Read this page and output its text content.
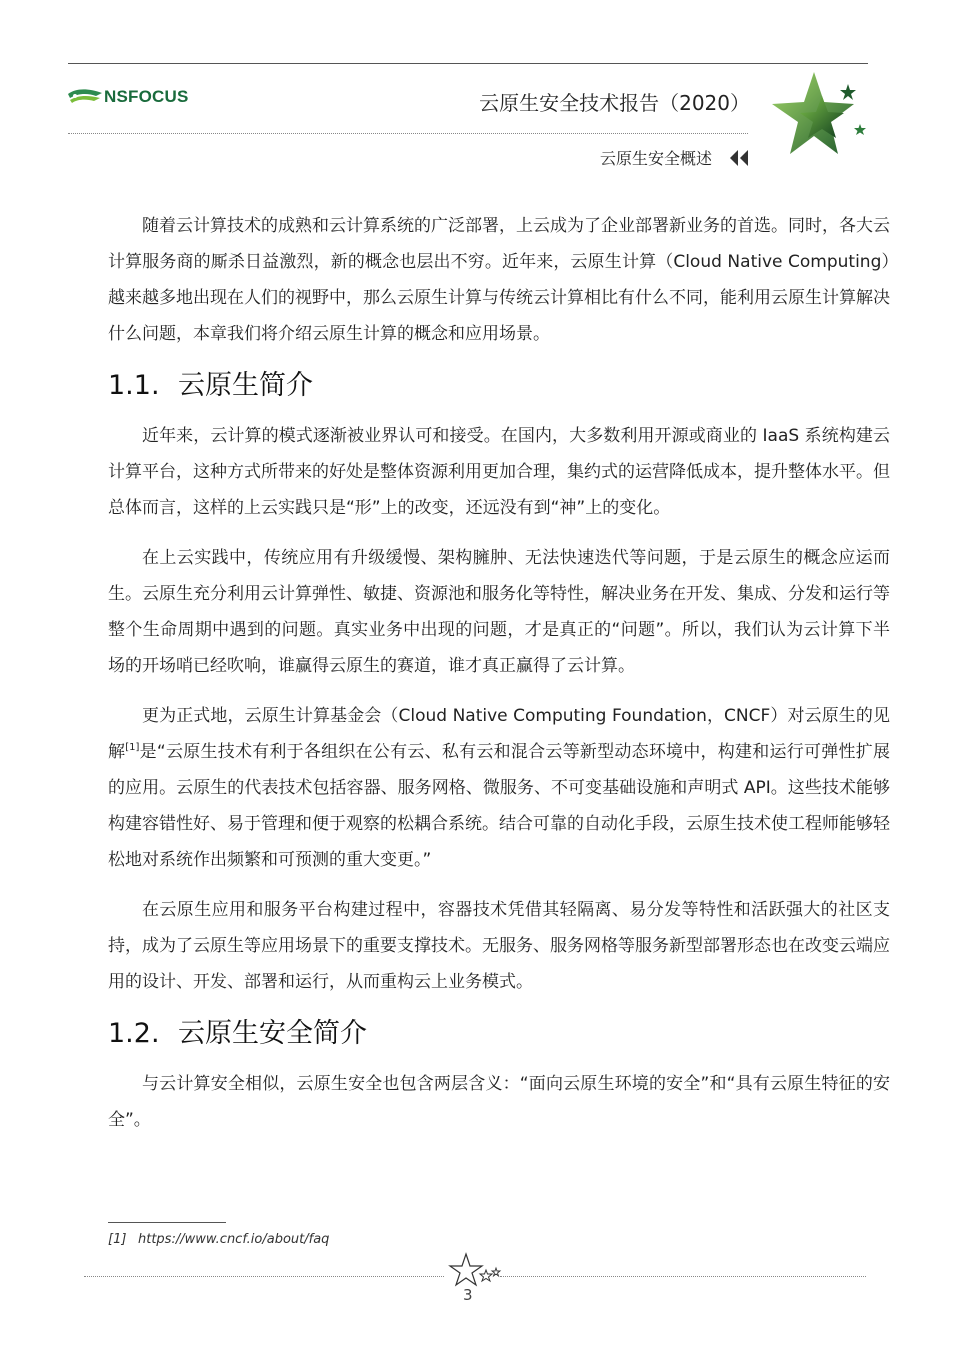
NSFOCUS	云原生安全技术报告（2020）
云原生安全概述

随着云计算技术的成熟和云计算系统的广泛部署，上云成为了企业部署新业务的首选。同时，各大云计算服务商的厮杀日益激烈，新的概念也层出不穷。近年来，云原生计算（Cloud Native Computing）越来越多地出现在人们的视野中，那么云原生计算与传统云计算相比有什么不同，能利用云原生计算解决什么问题，本章我们将介绍云原生计算的概念和应用场景。

1.1. 云原生简介

近年来，云计算的模式逐渐被业界认可和接受。在国内，大多数利用开源或商业的 IaaS 系统构建云计算平台，这种方式所带来的好处是整体资源利用更加合理，集约式的运营降低成本，提升整体水平。但总体而言，这样的上云实践只是“形”上的改变，还远没有到“神”上的变化。

在上云实践中，传统应用有升级缓慢、架构臃肿、无法快速迭代等问题，于是云原生的概念应运而生。云原生充分利用云计算弹性、敏捷、资源池和服务化等特性，解决业务在开发、集成、分发和运行等整个生命周期中遇到的问题。真实业务中出现的问题，才是真正的“问题”。所以，我们认为云计算下半场的开场哨已经吹响，谁赢得云原生的赛道，谁才真正赢得了云计算。

更为正式地，云原生计算基金会（Cloud Native Computing Foundation，CNCF）对云原生的见解[1]是“云原生技术有利于各组织在公有云、私有云和混合云等新型动态环境中，构建和运行可弹性扩展的应用。云原生的代表技术包括容器、服务网格、微服务、不可变基础设施和声明式 API。这些技术能够构建容错性好、易于管理和便于观察的松耦合系统。结合可靠的自动化手段，云原生技术使工程师能够轻松地对系统作出频繁和可预测的重大变更。”

在云原生应用和服务平台构建过程中，容器技术凭借其轻隔离、易分发等特性和活跃强大的社区支持，成为了云原生等应用场景下的重要支撑技术。无服务、服务网格等服务新型部署形态也在改变云端应用的设计、开发、部署和运行，从而重构云上业务模式。

1.2. 云原生安全简介

与云计算安全相似，云原生安全也包含两层含义：“面向云原生环境的安全”和“具有云原生特征的安全”。

[1] https://www.cncf.io/about/faq
3
